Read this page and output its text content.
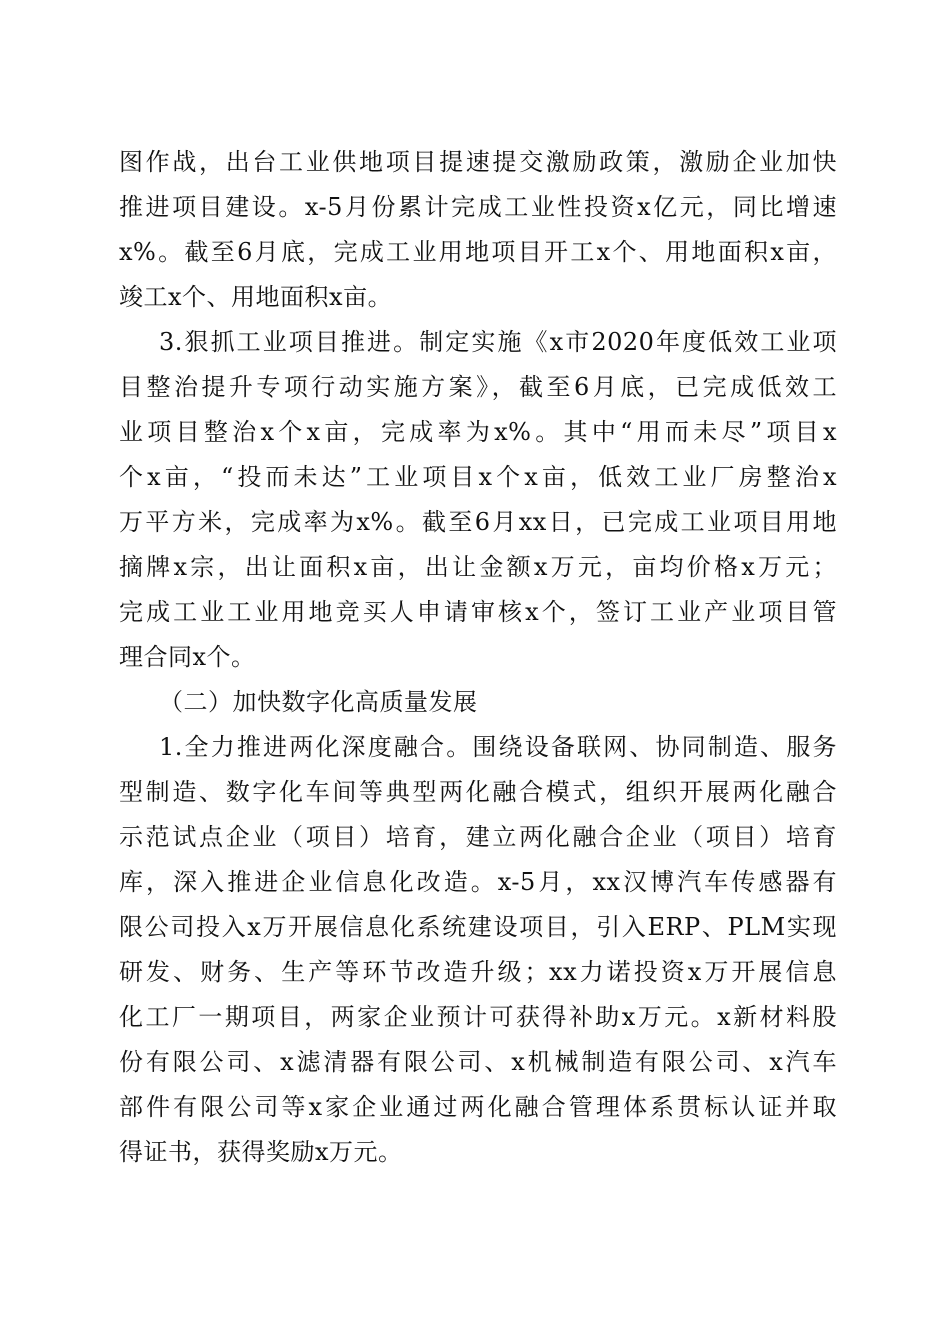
图作战，出台工业供地项目提速提交激励政策，激励企业加快
推进项目建设。x-5月份累计完成工业性投资x亿元，同比增速
x%。截至6月底，完成工业用地项目开工x个、用地面积x亩，
竣工x个、用地面积x亩。
3.狠抓工业项目推进。制定实施《x市2020年度低效工业项
目整治提升专项行动实施方案》，截至6月底，已完成低效工
业项目整治x个x亩，完成率为x%。其中“用而未尽”项目x
个x亩，“投而未达”工业项目x个x亩，低效工业厂房整治x
万平方米，完成率为x%。截至6月xx日，已完成工业项目用地
摘牌x宗，出让面积x亩，出让金额x万元，亩均价格x万元；
完成工业工业用地竞买人申请审核x个，签订工业产业项目管
理合同x个。
（二）加快数字化高质量发展
1.全力推进两化深度融合。围绕设备联网、协同制造、服务
型制造、数字化车间等典型两化融合模式，组织开展两化融合
示范试点企业（项目）培育，建立两化融合企业（项目）培育
库，深入推进企业信息化改造。x-5月，xx汉博汽车传感器有
限公司投入x万开展信息化系统建设项目，引入ERP、PLM实现
研发、财务、生产等环节改造升级；xx力诺投资x万开展信息
化工厂一期项目，两家企业预计可获得补助x万元。x新材料股
份有限公司、x滤清器有限公司、x机械制造有限公司、x汽车
部件有限公司等x家企业通过两化融合管理体系贯标认证并取
得证书，获得奖励x万元。
